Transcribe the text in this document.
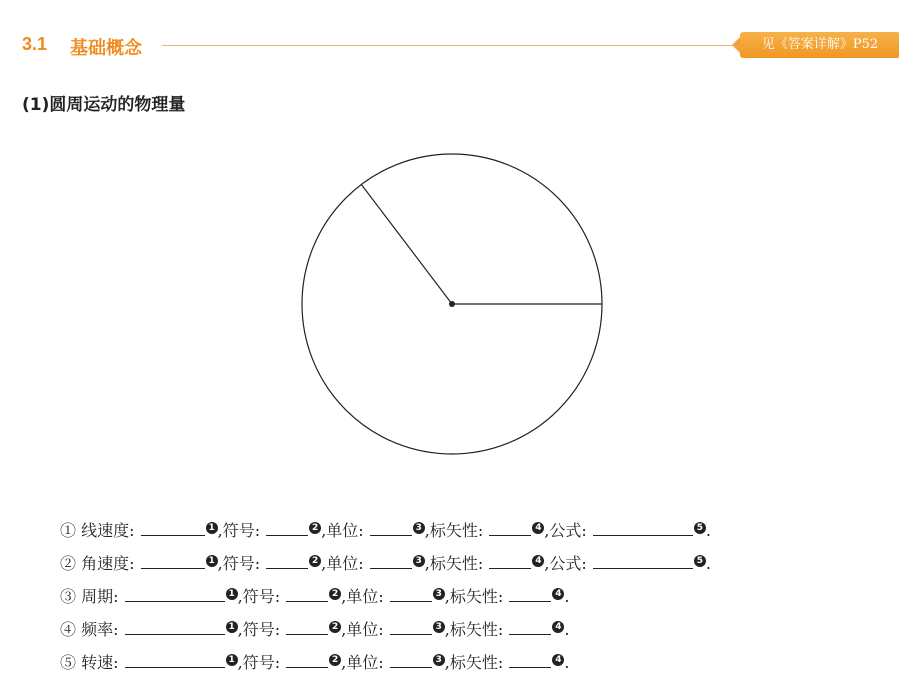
3.1 基础概念	见《答案详解》P52
(1)圆周运动的物理量
① 线速度:	1 ,符号:	2 ,单位:	3 ,标矢性:	4 ,公式:	5 .
② 角速度:	1 ,符号:	2 ,单位:	3 ,标矢性:	4 ,公式:	5 .
③ 周期:	1 ,符号:	2 ,单位:	3 ,标矢性:	4 .
④ 频率:	1 ,符号:	2 ,单位:	3 ,标矢性:	4 .
⑤ 转速:	1 ,符号:	2 ,单位:	3 ,标矢性:	4 .
